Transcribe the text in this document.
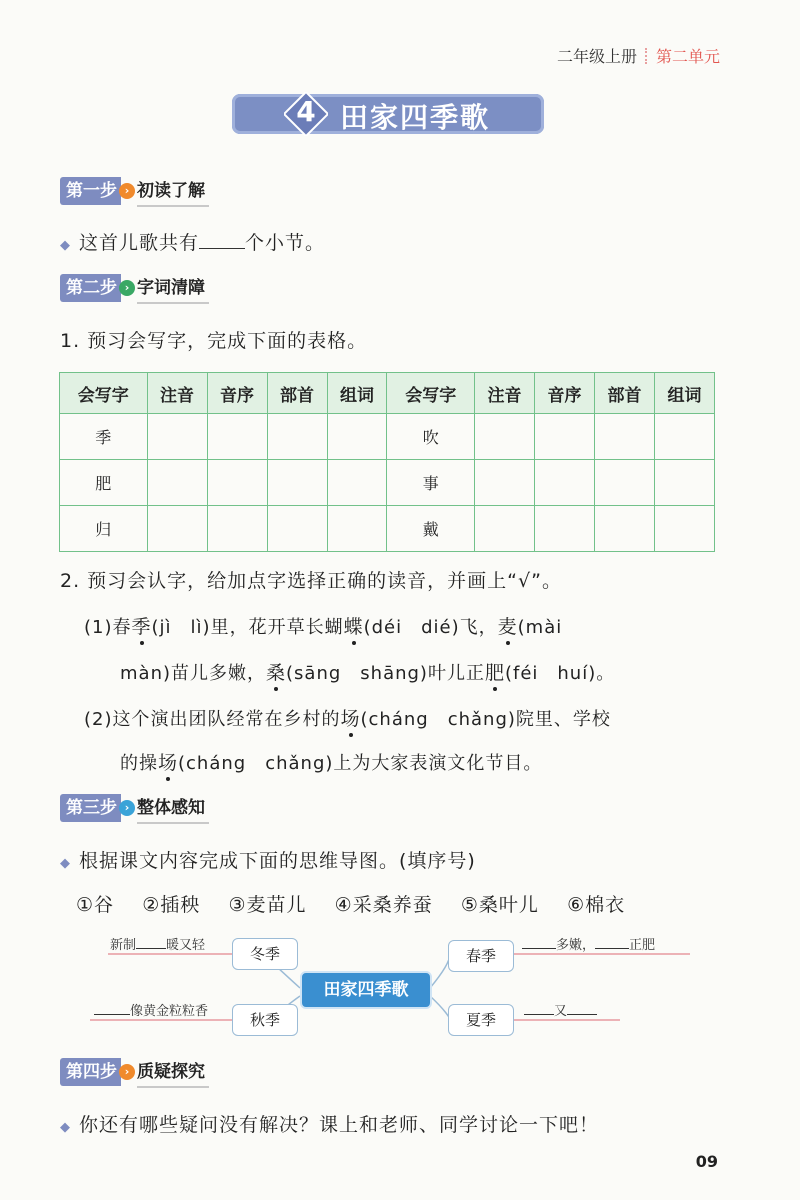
二年级上册 第二单元
4 田家四季歌
第一步 › 初读了解
◆ 这首儿歌共有 个小节。
第二步 › 字词清障
1. 预习会写字，完成下面的表格。
会写字	注音	音序	部首	组词	会写字	注音	音序	部首	组词
季					吹				
肥					事				
归					戴				
2. 预习会认字，给加点字选择正确的读音，并画上“√”。
(1)春季(jì　lì)里，花开草长蝴蝶(déi　dié)飞，麦(mài
màn)苗儿多嫩，桑(sāng　shāng)叶儿正肥(féi　huí)。
(2)这个演出团队经常在乡村的场(cháng　chǎng)院里、学校
的操场(cháng　chǎng)上为大家表演文化节目。
第三步 › 整体感知
◆ 根据课文内容完成下面的思维导图。(填序号)
①谷 ②插秧 ③麦苗儿 ④采桑养蚕 ⑤桑叶儿 ⑥棉衣
新制 暖又轻	冬季	多嫩，	正肥
春季
田家四季歌
像黄金粒粒香	秋季	又
夏季
第四步 › 质疑探究
◆ 你还有哪些疑问没有解决？课上和老师、同学讨论一下吧！
09
